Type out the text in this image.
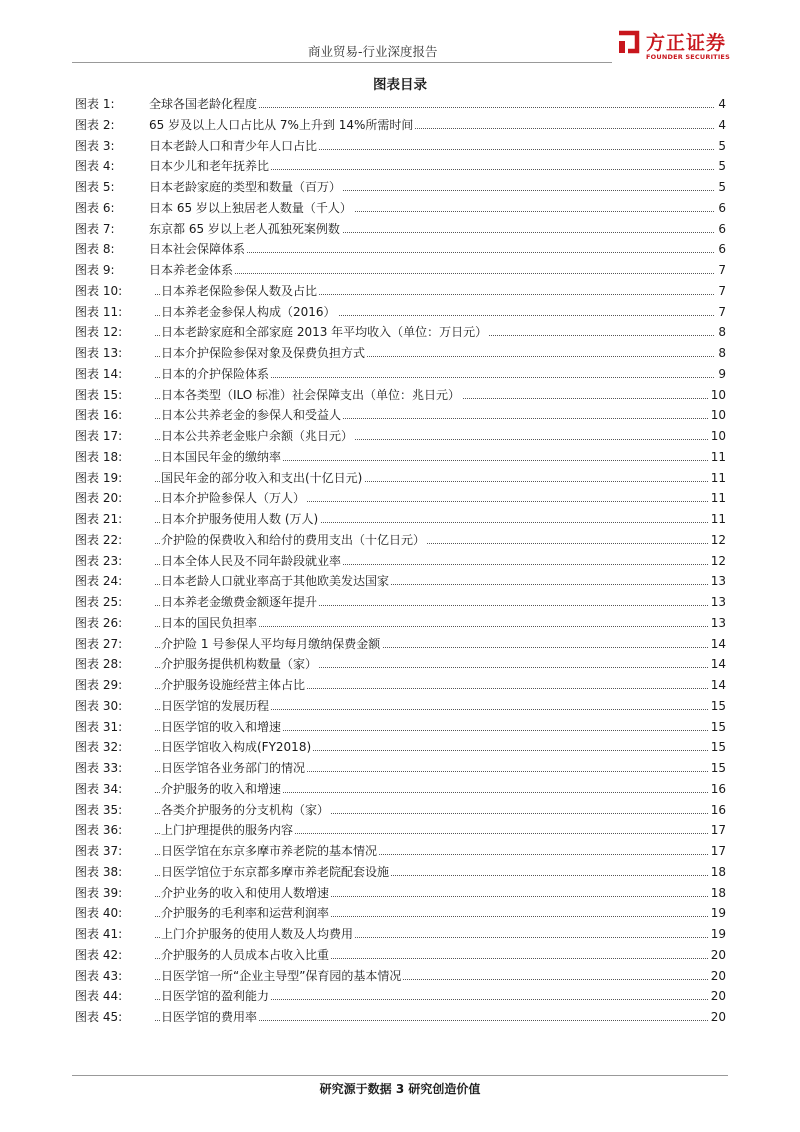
商业贸易-行业深度报告	方正证券
FOUNDER SECURITIES
图表目录
图表 1:	全球各国老龄化程度	4
图表 2:	65 岁及以上人口占比从 7%上升到 14%所需时间	4
图表 3:	日本老龄人口和青少年人口占比	5
图表 4:	日本少儿和老年抚养比	5
图表 5:	日本老龄家庭的类型和数量（百万）	5
图表 6:	日本 65 岁以上独居老人数量（千人）	6
图表 7:	东京都 65 岁以上老人孤独死案例数	6
图表 8:	日本社会保障体系	6
图表 9:	日本养老金体系	7
图表 10:	日本养老保险参保人数及占比	7
图表 11:	日本养老金参保人构成（2016）	7
图表 12:	日本老龄家庭和全部家庭 2013 年平均收入（单位：万日元）	8
图表 13:	日本介护保险参保对象及保费负担方式	8
图表 14:	日本的介护保险体系	9
图表 15:	日本各类型（ILO 标准）社会保障支出（单位：兆日元）	10
图表 16:	日本公共养老金的参保人和受益人	10
图表 17:	日本公共养老金账户余额（兆日元）	10
图表 18:	日本国民年金的缴纳率	11
图表 19:	国民年金的部分收入和支出(十亿日元)	11
图表 20:	日本介护险参保人（万人）	11
图表 21:	日本介护服务使用人数 (万人)	11
图表 22:	介护险的保费收入和给付的费用支出（十亿日元）	12
图表 23:	日本全体人民及不同年龄段就业率	12
图表 24:	日本老龄人口就业率高于其他欧美发达国家	13
图表 25:	日本养老金缴费金额逐年提升	13
图表 26:	日本的国民负担率	13
图表 27:	介护险 1 号参保人平均每月缴纳保费金额	14
图表 28:	介护服务提供机构数量（家）	14
图表 29:	介护服务设施经营主体占比	14
图表 30:	日医学馆的发展历程	15
图表 31:	日医学馆的收入和增速	15
图表 32:	日医学馆收入构成(FY2018)	15
图表 33:	日医学馆各业务部门的情况	15
图表 34:	介护服务的收入和增速	16
图表 35:	各类介护服务的分支机构（家）	16
图表 36:	上门护理提供的服务内容	17
图表 37:	日医学馆在东京多摩市养老院的基本情况	17
图表 38:	日医学馆位于东京都多摩市养老院配套设施	18
图表 39:	介护业务的收入和使用人数增速	18
图表 40:	介护服务的毛利率和运营利润率	19
图表 41:	上门介护服务的使用人数及人均费用	19
图表 42:	介护服务的人员成本占收入比重	20
图表 43:	日医学馆一所“企业主导型”保育园的基本情况	20
图表 44:	日医学馆的盈利能力	20
图表 45:	日医学馆的费用率	20
研究源于数据 3 研究创造价值
